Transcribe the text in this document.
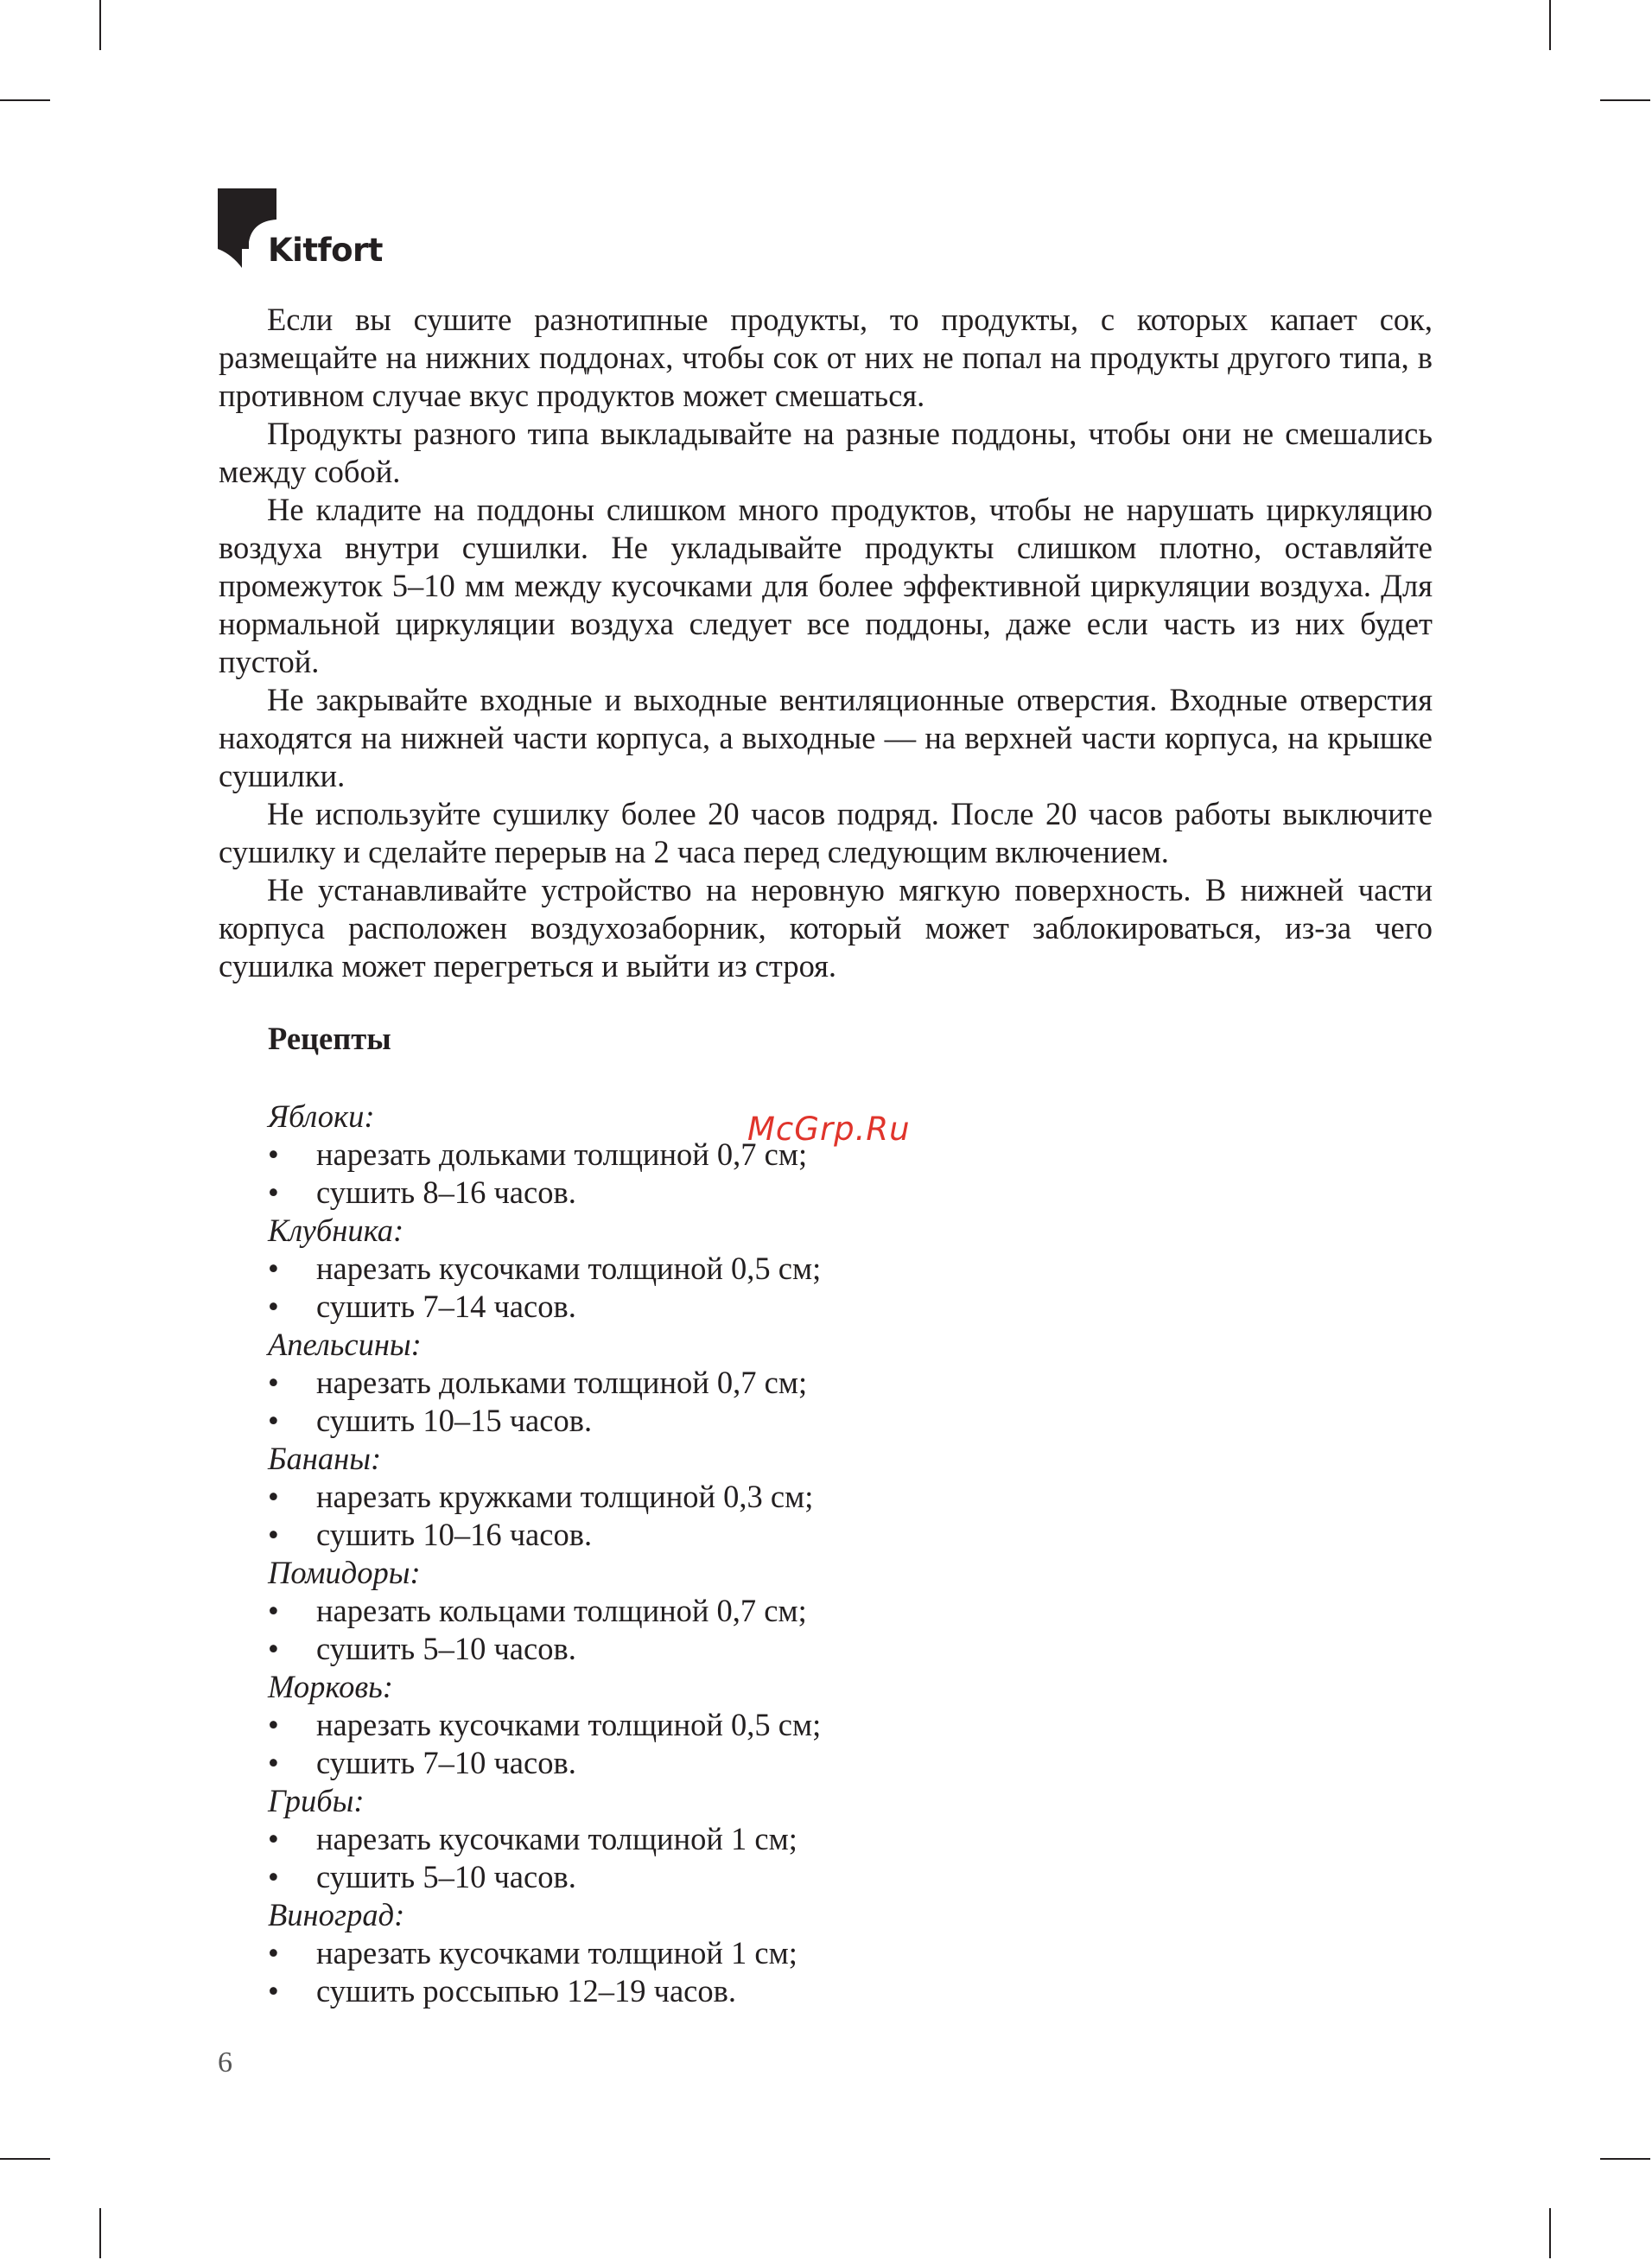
Kitfort

Если вы сушите разнотипные продукты, то продукты, с которых капает сок, размещайте на нижних поддонах, чтобы сок от них не попал на продукты другого типа, в противном случае вкус продуктов может смешаться.

Продукты разного типа выкладывайте на разные поддоны, чтобы они не смешались между собой.

Не кладите на поддоны слишком много продуктов, чтобы не нарушать циркуляцию воздуха внутри сушилки. Не укладывайте продукты слишком плотно, оставляйте промежуток 5–10 мм между кусочками для более эффективной циркуляции воздуха. Для нормальной циркуляции воздуха следует все поддоны, даже если часть из них будет пустой.

Не закрывайте входные и выходные вентиляционные отверстия. Входные отверстия находятся на нижней части корпуса, а выходные — на верхней части корпуса, на крышке сушилки.

Не используйте сушилку более 20 часов подряд. После 20 часов работы выключите сушилку и сделайте перерыв на 2 часа перед следующим включением.

Не устанавливайте устройство на неровную мягкую поверхность. В нижней части корпуса расположен воздухозаборник, который может заблокироваться, из-за чего сушилка может перегреться и выйти из строя.

Рецепты

Яблоки:

• нарезать дольками толщиной 0,7 см;
• сушить 8–16 часов.

Клубника:

• нарезать кусочками толщиной 0,5 см;
• сушить 7–14 часов.

Апельсины:

• нарезать дольками толщиной 0,7 см;
• сушить 10–15 часов.

Бананы:

• нарезать кружками толщиной 0,3 см;
• сушить 10–16 часов.

Помидоры:

• нарезать кольцами толщиной 0,7 см;
• сушить 5–10 часов.

Морковь:

• нарезать кусочками толщиной 0,5 см;
• сушить 7–10 часов.

Грибы:

• нарезать кусочками толщиной 1 см;
• сушить 5–10 часов.

Виноград:

• нарезать кусочками толщиной 1 см;
• сушить россыпью 12–19 часов.
McGrp.Ru
6
